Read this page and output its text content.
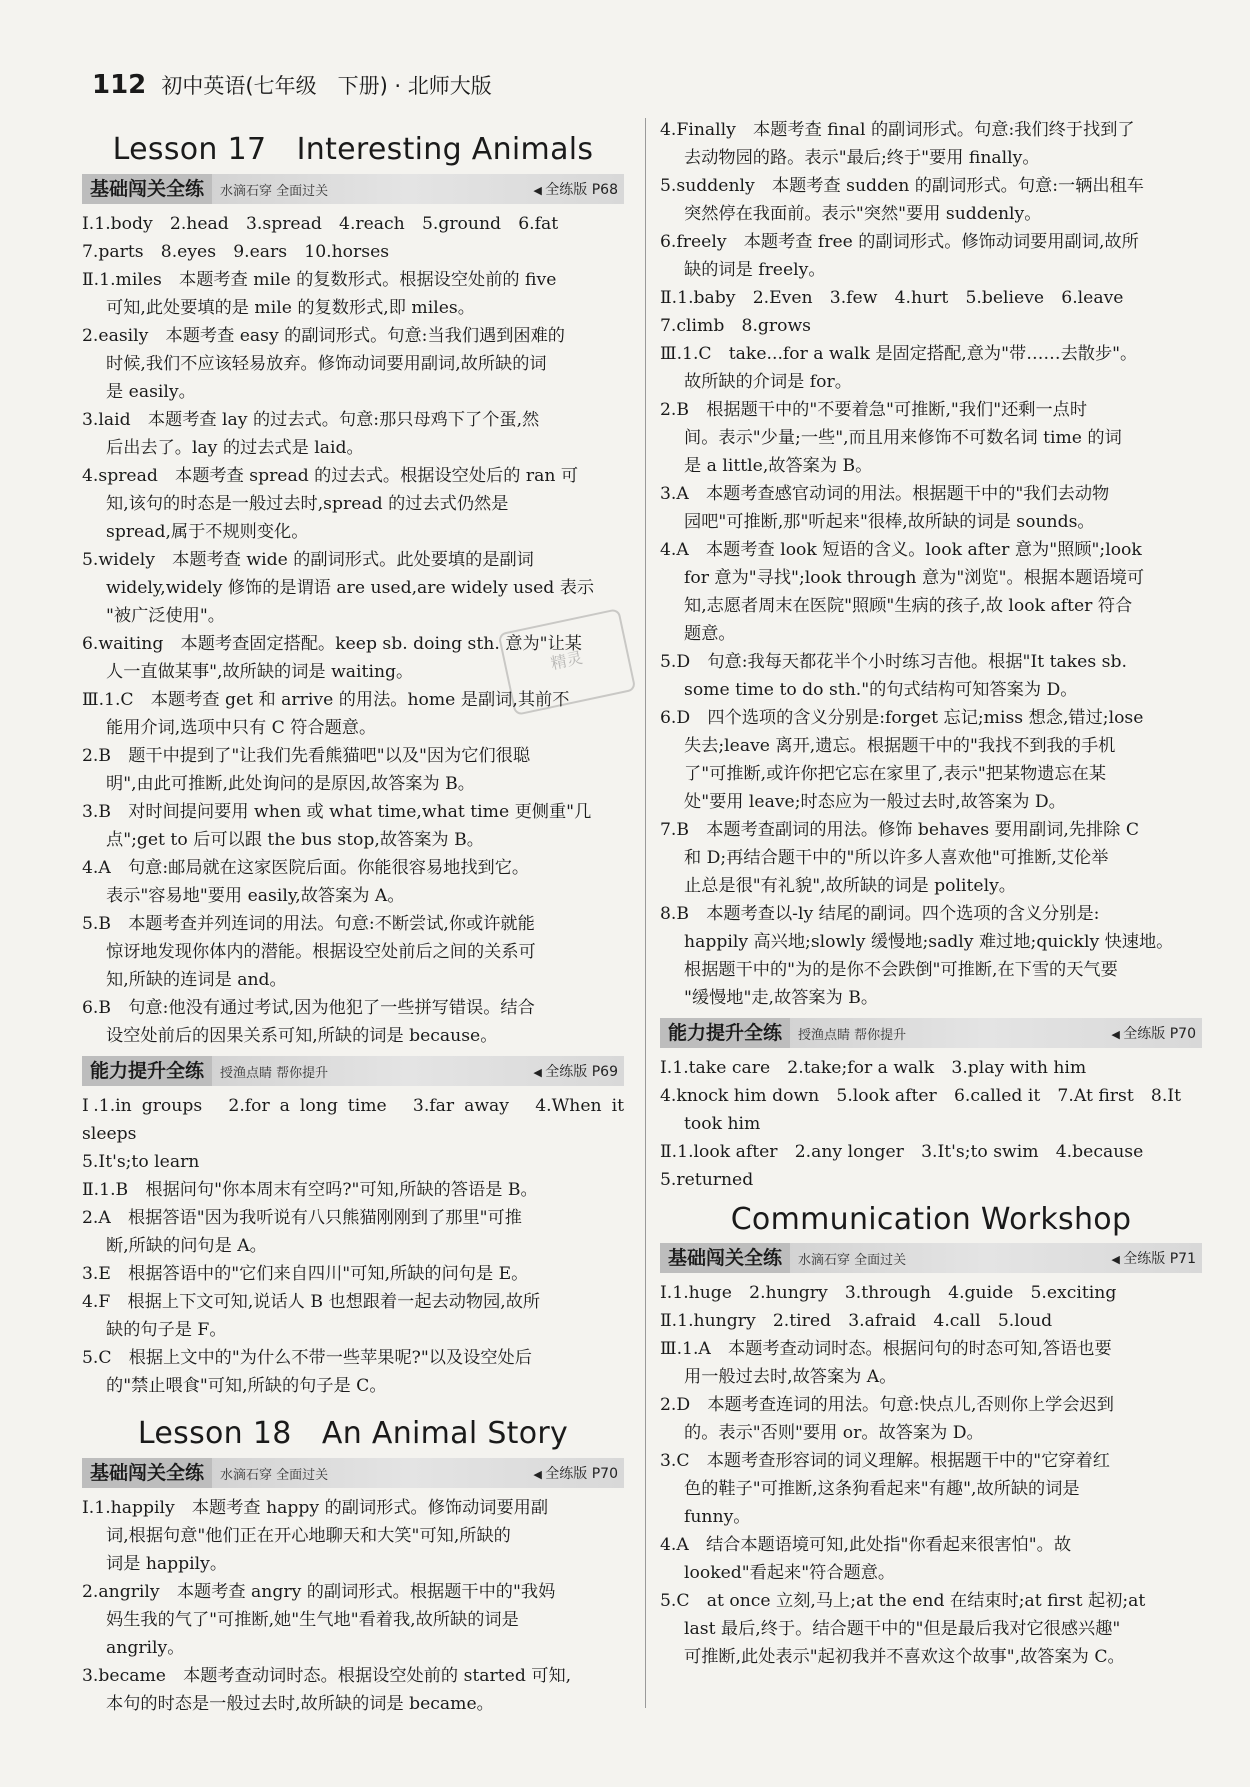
112 初中英语(七年级　下册) · 北师大版
精灵
Lesson 17　Interesting Animals
基础闯关全练	水滴石穿 全面过关	◀ 全练版 P68

Ⅰ.1.body　2.head　3.spread　4.reach　5.ground　6.fat

7.parts　8.eyes　9.ears　10.horses

Ⅱ.1.miles　本题考查 mile 的复数形式。根据设空处前的 five

可知,此处要填的是 mile 的复数形式,即 miles。

2.easily　本题考查 easy 的副词形式。句意:当我们遇到困难的

时候,我们不应该轻易放弃。修饰动词要用副词,故所缺的词

是 easily。

3.laid　本题考查 lay 的过去式。句意:那只母鸡下了个蛋,然

后出去了。lay 的过去式是 laid。

4.spread　本题考查 spread 的过去式。根据设空处后的 ran 可

知,该句的时态是一般过去时,spread 的过去式仍然是

spread,属于不规则变化。

5.widely　本题考查 wide 的副词形式。此处要填的是副词

widely,widely 修饰的是谓语 are used,are widely used 表示

"被广泛使用"。

6.waiting　本题考查固定搭配。keep sb. doing sth. 意为"让某

人一直做某事",故所缺的词是 waiting。

Ⅲ.1.C　本题考查 get 和 arrive 的用法。home 是副词,其前不

能用介词,选项中只有 C 符合题意。

2.B　题干中提到了"让我们先看熊猫吧"以及"因为它们很聪

明",由此可推断,此处询问的是原因,故答案为 B。

3.B　对时间提问要用 when 或 what time,what time 更侧重"几

点";get to 后可以跟 the bus stop,故答案为 B。

4.A　句意:邮局就在这家医院后面。你能很容易地找到它。

表示"容易地"要用 easily,故答案为 A。

5.B　本题考查并列连词的用法。句意:不断尝试,你或许就能

惊讶地发现你体内的潜能。根据设空处前后之间的关系可

知,所缺的连词是 and。

6.B　句意:他没有通过考试,因为他犯了一些拼写错误。结合

设空处前后的因果关系可知,所缺的词是 because。

能力提升全练	授渔点睛 帮你提升	◀ 全练版 P69

Ⅰ.1.in groups　2.for a long time　3.far away　4.When it sleeps

5.It's;to learn

Ⅱ.1.B　根据问句"你本周末有空吗?"可知,所缺的答语是 B。

2.A　根据答语"因为我听说有八只熊猫刚刚到了那里"可推

断,所缺的问句是 A。

3.E　根据答语中的"它们来自四川"可知,所缺的问句是 E。

4.F　根据上下文可知,说话人 B 也想跟着一起去动物园,故所

缺的句子是 F。

5.C　根据上文中的"为什么不带一些苹果呢?"以及设空处后

的"禁止喂食"可知,所缺的句子是 C。

Lesson 18　An Animal Story
基础闯关全练	水滴石穿 全面过关	◀ 全练版 P70

Ⅰ.1.happily　本题考查 happy 的副词形式。修饰动词要用副

词,根据句意"他们正在开心地聊天和大笑"可知,所缺的

词是 happily。

2.angrily　本题考查 angry 的副词形式。根据题干中的"我妈

妈生我的气了"可推断,她"生气地"看着我,故所缺的词是

angrily。

3.became　本题考查动词时态。根据设空处前的 started 可知,

本句的时态是一般过去时,故所缺的词是 became。

4.Finally　本题考查 final 的副词形式。句意:我们终于找到了

去动物园的路。表示"最后;终于"要用 finally。

5.suddenly　本题考查 sudden 的副词形式。句意:一辆出租车

突然停在我面前。表示"突然"要用 suddenly。

6.freely　本题考查 free 的副词形式。修饰动词要用副词,故所

缺的词是 freely。

Ⅱ.1.baby　2.Even　3.few　4.hurt　5.believe　6.leave

7.climb　8.grows

Ⅲ.1.C　take...for a walk 是固定搭配,意为"带……去散步"。

故所缺的介词是 for。

2.B　根据题干中的"不要着急"可推断,"我们"还剩一点时

间。表示"少量;一些",而且用来修饰不可数名词 time 的词

是 a little,故答案为 B。

3.A　本题考查感官动词的用法。根据题干中的"我们去动物

园吧"可推断,那"听起来"很棒,故所缺的词是 sounds。

4.A　本题考查 look 短语的含义。look after 意为"照顾";look

for 意为"寻找";look through 意为"浏览"。根据本题语境可

知,志愿者周末在医院"照顾"生病的孩子,故 look after 符合

题意。

5.D　句意:我每天都花半个小时练习吉他。根据"It takes sb.

some time to do sth."的句式结构可知答案为 D。

6.D　四个选项的含义分别是:forget 忘记;miss 想念,错过;lose

失去;leave 离开,遗忘。根据题干中的"我找不到我的手机

了"可推断,或许你把它忘在家里了,表示"把某物遗忘在某

处"要用 leave;时态应为一般过去时,故答案为 D。

7.B　本题考查副词的用法。修饰 behaves 要用副词,先排除 C

和 D;再结合题干中的"所以许多人喜欢他"可推断,艾伦举

止总是很"有礼貌",故所缺的词是 politely。

8.B　本题考查以-ly 结尾的副词。四个选项的含义分别是:

happily 高兴地;slowly 缓慢地;sadly 难过地;quickly 快速地。

根据题干中的"为的是你不会跌倒"可推断,在下雪的天气要

"缓慢地"走,故答案为 B。

能力提升全练	授渔点睛 帮你提升	◀ 全练版 P70

Ⅰ.1.take care　2.take;for a walk　3.play with him

4.knock him down　5.look after　6.called it　7.At first　8.It

took him

Ⅱ.1.look after　2.any longer　3.It's;to swim　4.because

5.returned

Communication Workshop
基础闯关全练	水滴石穿 全面过关	◀ 全练版 P71

Ⅰ.1.huge　2.hungry　3.through　4.guide　5.exciting

Ⅱ.1.hungry　2.tired　3.afraid　4.call　5.loud

Ⅲ.1.A　本题考查动词时态。根据问句的时态可知,答语也要

用一般过去时,故答案为 A。

2.D　本题考查连词的用法。句意:快点儿,否则你上学会迟到

的。表示"否则"要用 or。故答案为 D。

3.C　本题考查形容词的词义理解。根据题干中的"它穿着红

色的鞋子"可推断,这条狗看起来"有趣",故所缺的词是

funny。

4.A　结合本题语境可知,此处指"你看起来很害怕"。故

looked"看起来"符合题意。

5.C　at once 立刻,马上;at the end 在结束时;at first 起初;at

last 最后,终于。结合题干中的"但是最后我对它很感兴趣"

可推断,此处表示"起初我并不喜欢这个故事",故答案为 C。
